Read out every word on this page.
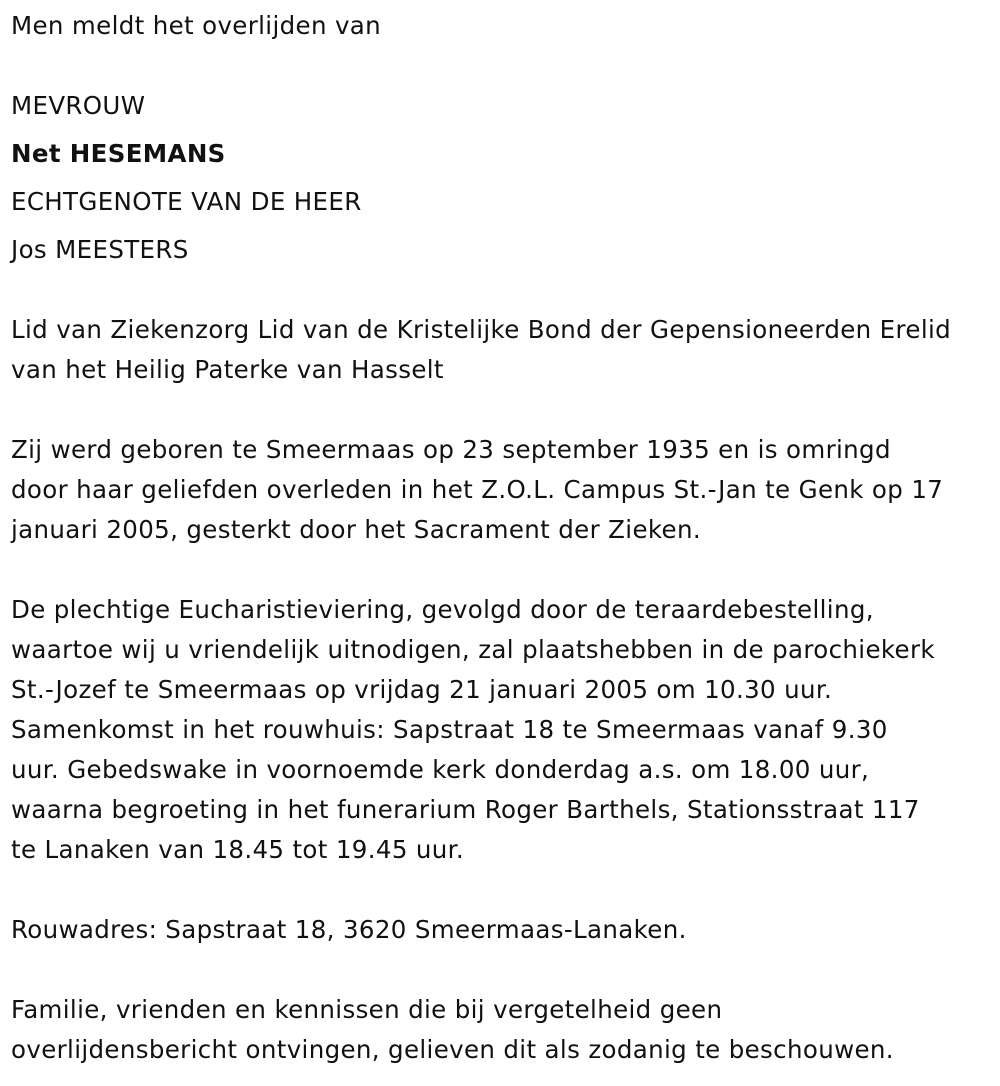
Men meldt het overlijden van
MEVROUW
Net HESEMANS
ECHTGENOTE VAN DE HEER
Jos MEESTERS
Lid van Ziekenzorg Lid van de Kristelijke Bond der Gepensioneerden Erelid
van het Heilig Paterke van Hasselt
Zij werd geboren te Smeermaas op 23 september 1935 en is omringd
door haar geliefden overleden in het Z.O.L. Campus St.-Jan te Genk op 17
januari 2005, gesterkt door het Sacrament der Zieken.
De plechtige Eucharistieviering, gevolgd door de teraardebestelling,
waartoe wij u vriendelijk uitnodigen, zal plaatshebben in de parochiekerk
St.-Jozef te Smeermaas op vrijdag 21 januari 2005 om 10.30 uur.
Samenkomst in het rouwhuis: Sapstraat 18 te Smeermaas vanaf 9.30
uur. Gebedswake in voornoemde kerk donderdag a.s. om 18.00 uur,
waarna begroeting in het funerarium Roger Barthels, Stationsstraat 117
te Lanaken van 18.45 tot 19.45 uur.
Rouwadres: Sapstraat 18, 3620 Smeermaas-Lanaken.
Familie, vrienden en kennissen die bij vergetelheid geen
overlijdensbericht ontvingen, gelieven dit als zodanig te beschouwen.
